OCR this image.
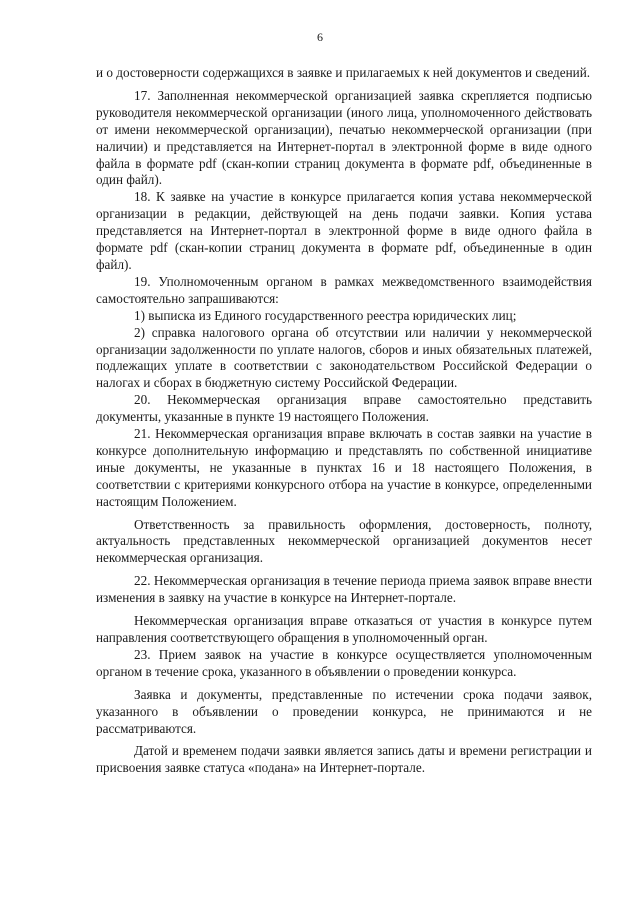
6

и о достоверности содержащихся в заявке и прилагаемых к ней документов и сведений.

17. Заполненная некоммерческой организацией заявка скрепляется подписью руководителя некоммерческой организации (иного лица, уполномоченного действовать от имени некоммерческой организации), печатью некоммерческой организации (при наличии) и представляется на Интернет-портал в электронной форме в виде одного файла в формате pdf (скан-копии страниц документа в формате pdf, объединенные в один файл).

18. К заявке на участие в конкурсе прилагается копия устава некоммерческой организации в редакции, действующей на день подачи заявки. Копия устава представляется на Интернет-портал в электронной форме в виде одного файла в формате pdf (скан-копии страниц документа в формате pdf, объединенные в один файл).

19. Уполномоченным органом в рамках межведомственного взаимодействия самостоятельно запрашиваются:

1) выписка из Единого государственного реестра юридических лиц;

2) справка налогового органа об отсутствии или наличии у некоммерческой организации задолженности по уплате налогов, сборов и иных обязательных платежей, подлежащих уплате в соответствии с законодательством Российской Федерации о налогах и сборах в бюджетную систему Российской Федерации.

20. Некоммерческая организация вправе самостоятельно представить документы, указанные в пункте 19 настоящего Положения.

21. Некоммерческая организация вправе включать в состав заявки на участие в конкурсе дополнительную информацию и представлять по собственной инициативе иные документы, не указанные в пунктах 16 и 18 настоящего Положения, в соответствии с критериями конкурсного отбора на участие в конкурсе, определенными настоящим Положением.

Ответственность за правильность оформления, достоверность, полноту, актуальность представленных некоммерческой организацией документов несет некоммерческая организация.

22. Некоммерческая организация в течение периода приема заявок вправе внести изменения в заявку на участие в конкурсе на Интернет-портале.

Некоммерческая организация вправе отказаться от участия в конкурсе путем направления соответствующего обращения в уполномоченный орган.

23. Прием заявок на участие в конкурсе осуществляется уполномоченным органом в течение срока, указанного в объявлении о проведении конкурса.

Заявка и документы, представленные по истечении срока подачи заявок, указанного в объявлении о проведении конкурса, не принимаются и не рассматриваются.

Датой и временем подачи заявки является запись даты и времени регистрации и присвоения заявке статуса «подана» на Интернет-портале.
